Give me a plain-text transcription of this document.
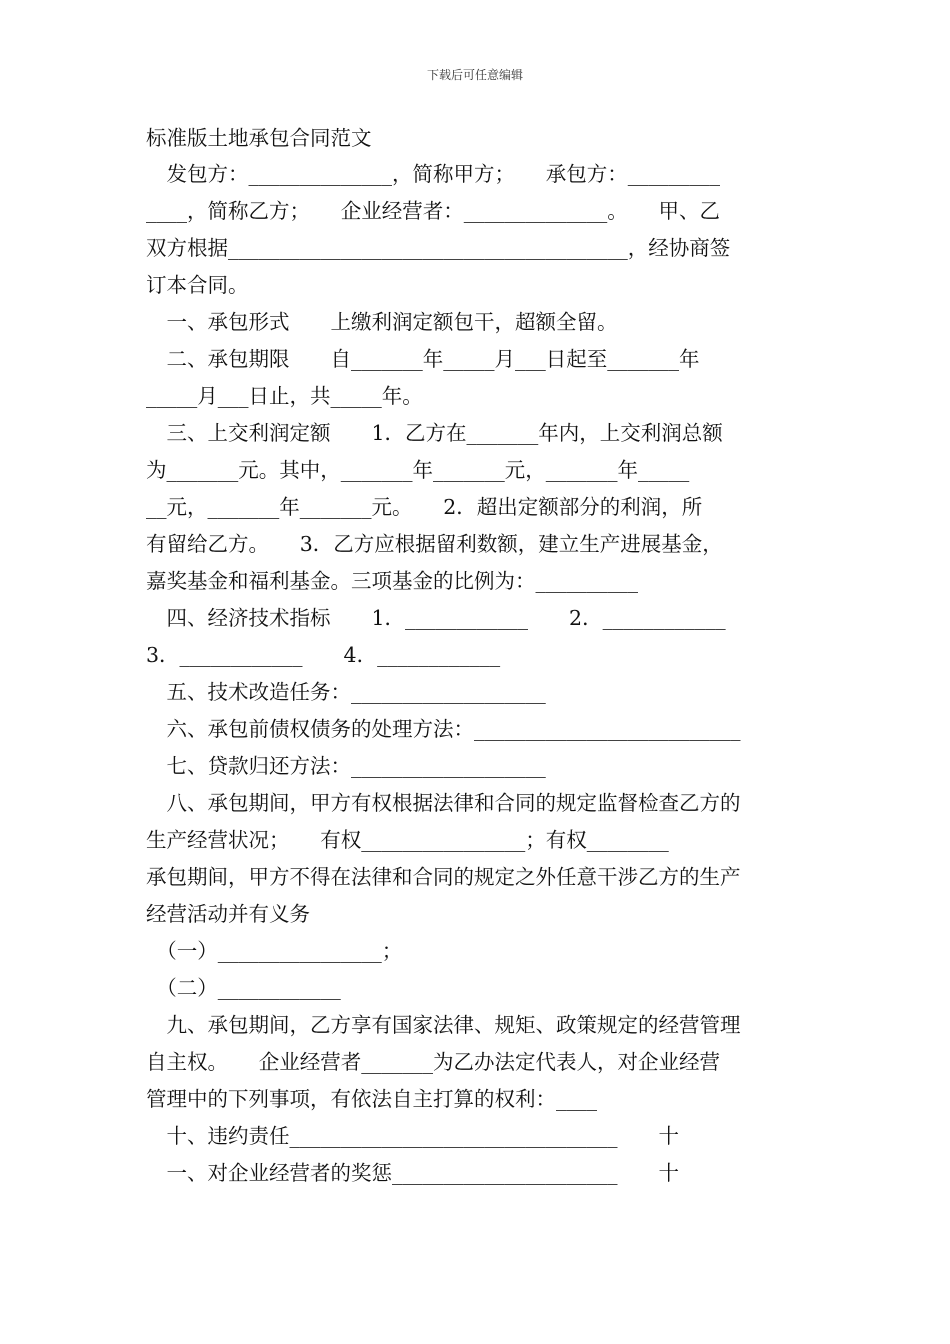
下载后可任意编辑
标准版土地承包合同范文
　发包方：______________，简称甲方；　　承包方：_________
____，简称乙方；　　企业经营者：______________。　　甲、乙
双方根据_______________________________________，经协商签
订本合同。
　一、承包形式　　上缴利润定额包干，超额全留。
　二、承包期限　　自_______年_____月___日起至_______年
_____月___日止，共_____年。
　三、上交利润定额　　1．乙方在_______年内，上交利润总额
为_______元。其中，_______年_______元，_______年_____
__元，_______年_______元。　　2．超出定额部分的利润，所
有留给乙方。　　3．乙方应根据留利数额，建立生产进展基金，
嘉奖基金和福利基金。三项基金的比例为：__________
　四、经济技术指标　　1．____________　　2．____________
3．____________　　4．____________
　五、技术改造任务：___________________
　六、承包前债权债务的处理方法：__________________________
　七、贷款归还方法：___________________
　八、承包期间，甲方有权根据法律和合同的规定监督检查乙方的
生产经营状况；　　有权________________；有权________
承包期间，甲方不得在法律和合同的规定之外任意干涉乙方的生产
经营活动并有义务
　（一）________________；
　（二）____________
　九、承包期间，乙方享有国家法律、规矩、政策规定的经营管理
自主权。　　企业经营者_______为乙办法定代表人，对企业经营
管理中的下列事项，有依法自主打算的权利：____
　十、违约责任________________________________　　十
　一、对企业经营者的奖惩______________________　　十
